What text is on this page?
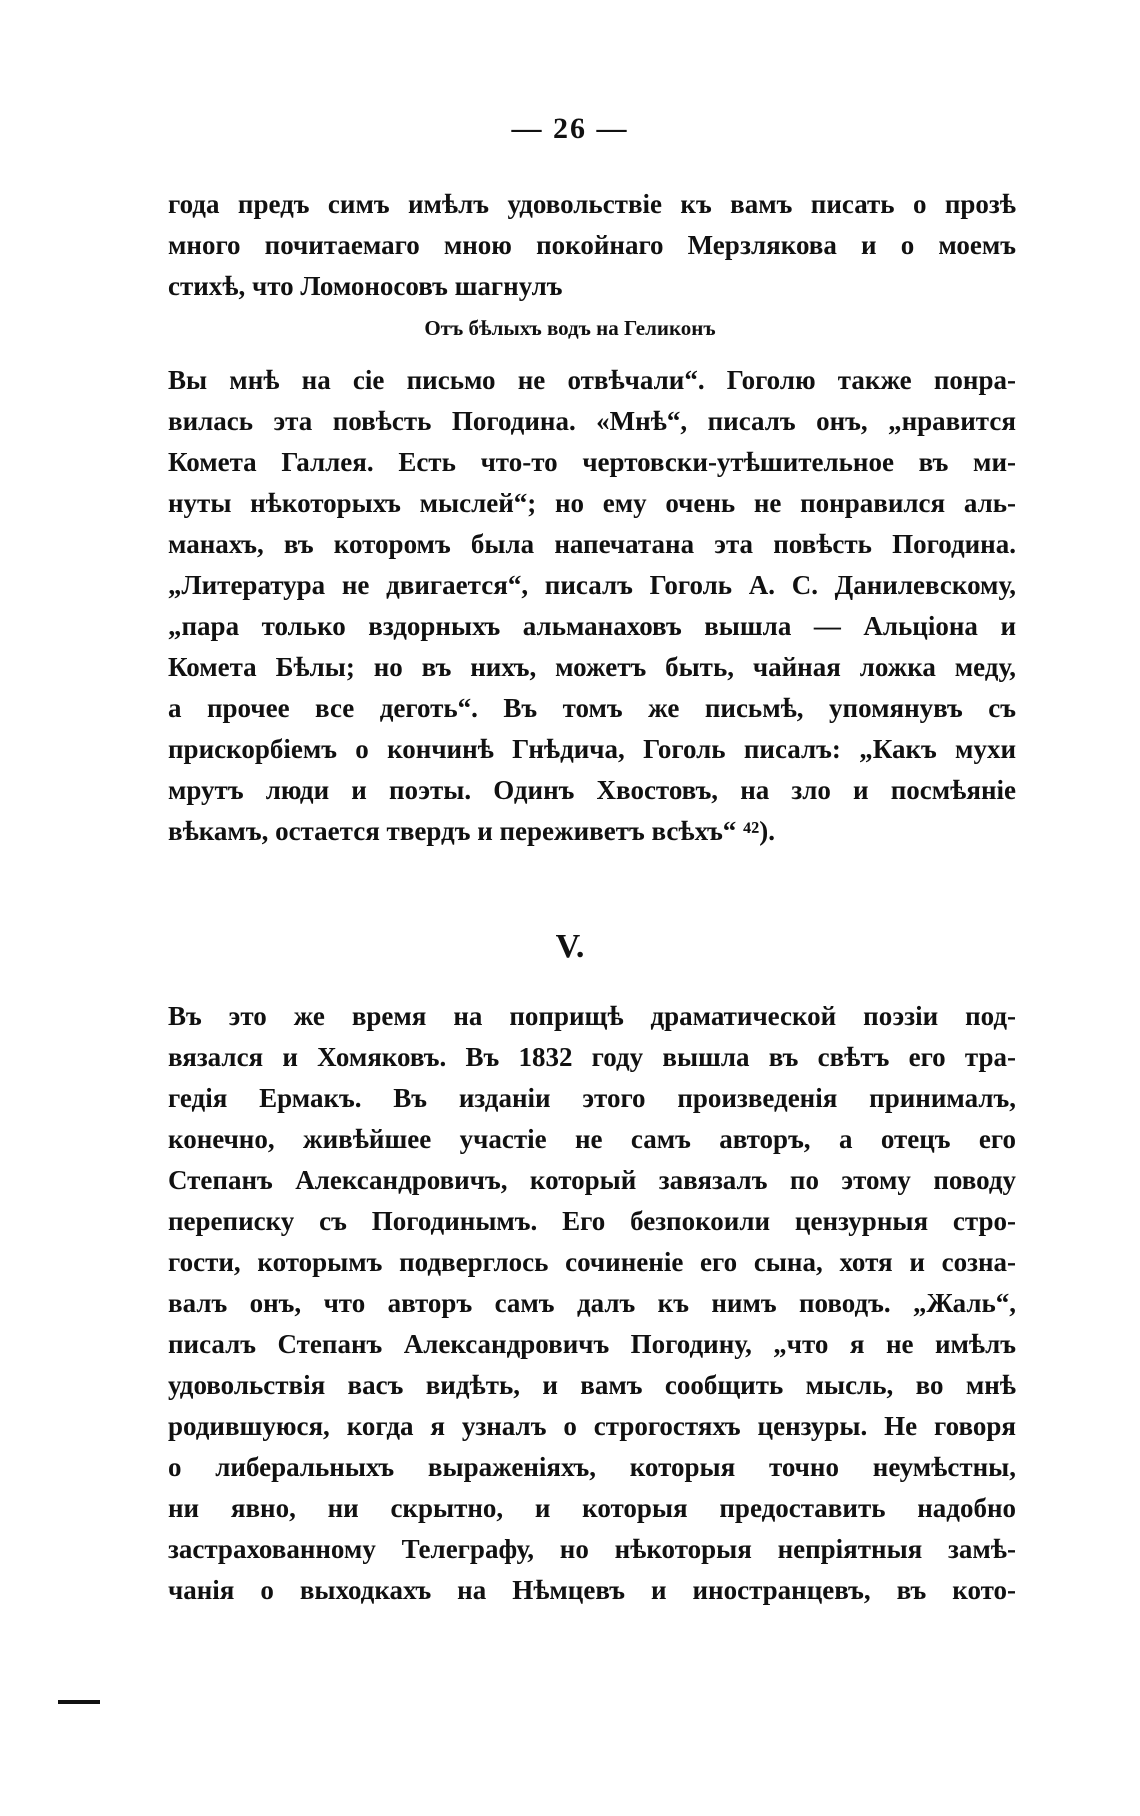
— 26 —
года предъ симъ имѣлъ удовольствіе къ вамъ писать о прозѣ
много почитаемаго мною покойнаго Мерзлякова и о моемъ
стихѣ, что Ломоносовъ шагнулъ
Отъ бѣлыхъ водъ на Геликонъ
Вы мнѣ на сіе письмо не отвѣчали“. Гоголю также понра-
вилась эта повѣсть Погодина. «Мнѣ“, писалъ онъ, „нравится
Комета Галлея. Есть что-то чертовски-утѣшительное въ ми-
нуты нѣкоторыхъ мыслей“; но ему очень не понравился аль-
манахъ, въ которомъ была напечатана эта повѣсть Погодина.
„Литература не двигается“, писалъ Гоголь А. С. Данилевскому,
„пара только вздорныхъ альманаховъ вышла — Альціона и
Комета Бѣлы; но въ нихъ, можетъ быть, чайная ложка меду,
а прочее все деготь“. Въ томъ же письмѣ, упомянувъ съ
прискорбіемъ о кончинѣ Гнѣдича, Гоголь писалъ: „Какъ мухи
мрутъ люди и поэты. Одинъ Хвостовъ, на зло и посмѣяніе
вѣкамъ, остается твердъ и переживетъ всѣхъ“ ⁴²).
V.
Въ это же время на поприщѣ драматической поэзіи под-
вязался и Хомяковъ. Въ 1832 году вышла въ свѣтъ его тра-
гедія Ермакъ. Въ изданіи этого произведенія принималъ,
конечно, живѣйшее участіе не самъ авторъ, а отецъ его
Степанъ Александровичъ, который завязалъ по этому поводу
переписку съ Погодинымъ. Его безпокоили цензурныя стро-
гости, которымъ подверглось сочиненіе его сына, хотя и созна-
валъ онъ, что авторъ самъ далъ къ нимъ поводъ. „Жаль“,
писалъ Степанъ Александровичъ Погодину, „что я не имѣлъ
удовольствія васъ видѣть, и вамъ сообщить мысль, во мнѣ
родившуюся, когда я узналъ о строгостяхъ цензуры. Не говоря
о либеральныхъ выраженіяхъ, которыя точно неумѣстны,
ни явно, ни скрытно, и которыя предоставить надобно
застрахованному Телеграфу, но нѣкоторыя непріятныя замѣ-
чанія о выходкахъ на Нѣмцевъ и иностранцевъ, въ кото-
